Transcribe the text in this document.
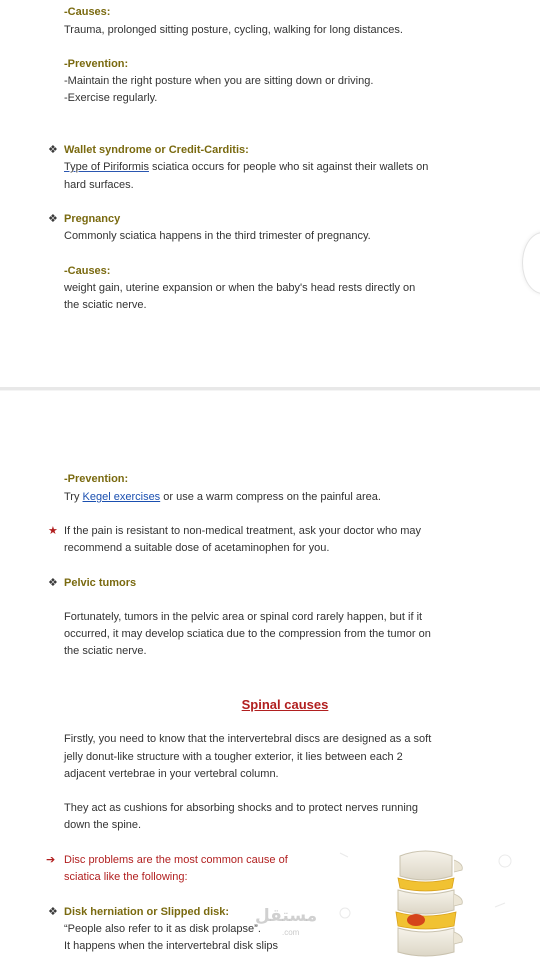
-Causes:
Trauma, prolonged sitting posture, cycling, walking for long distances.
-Prevention:
-Maintain the right posture when you are sitting down or driving.
-Exercise regularly.
❖ Wallet syndrome or Credit-Carditis:
Type of Piriformis sciatica occurs for people who sit against their wallets on
hard surfaces.
❖ Pregnancy
Commonly sciatica happens in the third trimester of pregnancy.
-Causes:
weight gain, uterine expansion or when the baby's head rests directly on
the sciatic nerve.
-Prevention:
Try Kegel exercises or use a warm compress on the painful area.
★ If the pain is resistant to non-medical treatment, ask your doctor who may
recommend a suitable dose of acetaminophen for you.
❖ Pelvic tumors
Fortunately, tumors in the pelvic area or spinal cord rarely happen, but if it
occurred, it may develop sciatica due to the compression from the tumor on
the sciatic nerve.
Spinal causes
Firstly, you need to know that the intervertebral discs are designed as a soft
jelly donut-like structure with a tougher exterior, it lies between each 2
adjacent vertebrae in your vertebral column.
They act as cushions for absorbing shocks and to protect nerves running
down the spine.
➔ Disc problems are the most common cause of
sciatica like the following:
❖ Disk herniation or Slipped disk:
“People also refer to it as disk prolapse”.
It happens when the intervertebral disk slips
مستقل
.com
